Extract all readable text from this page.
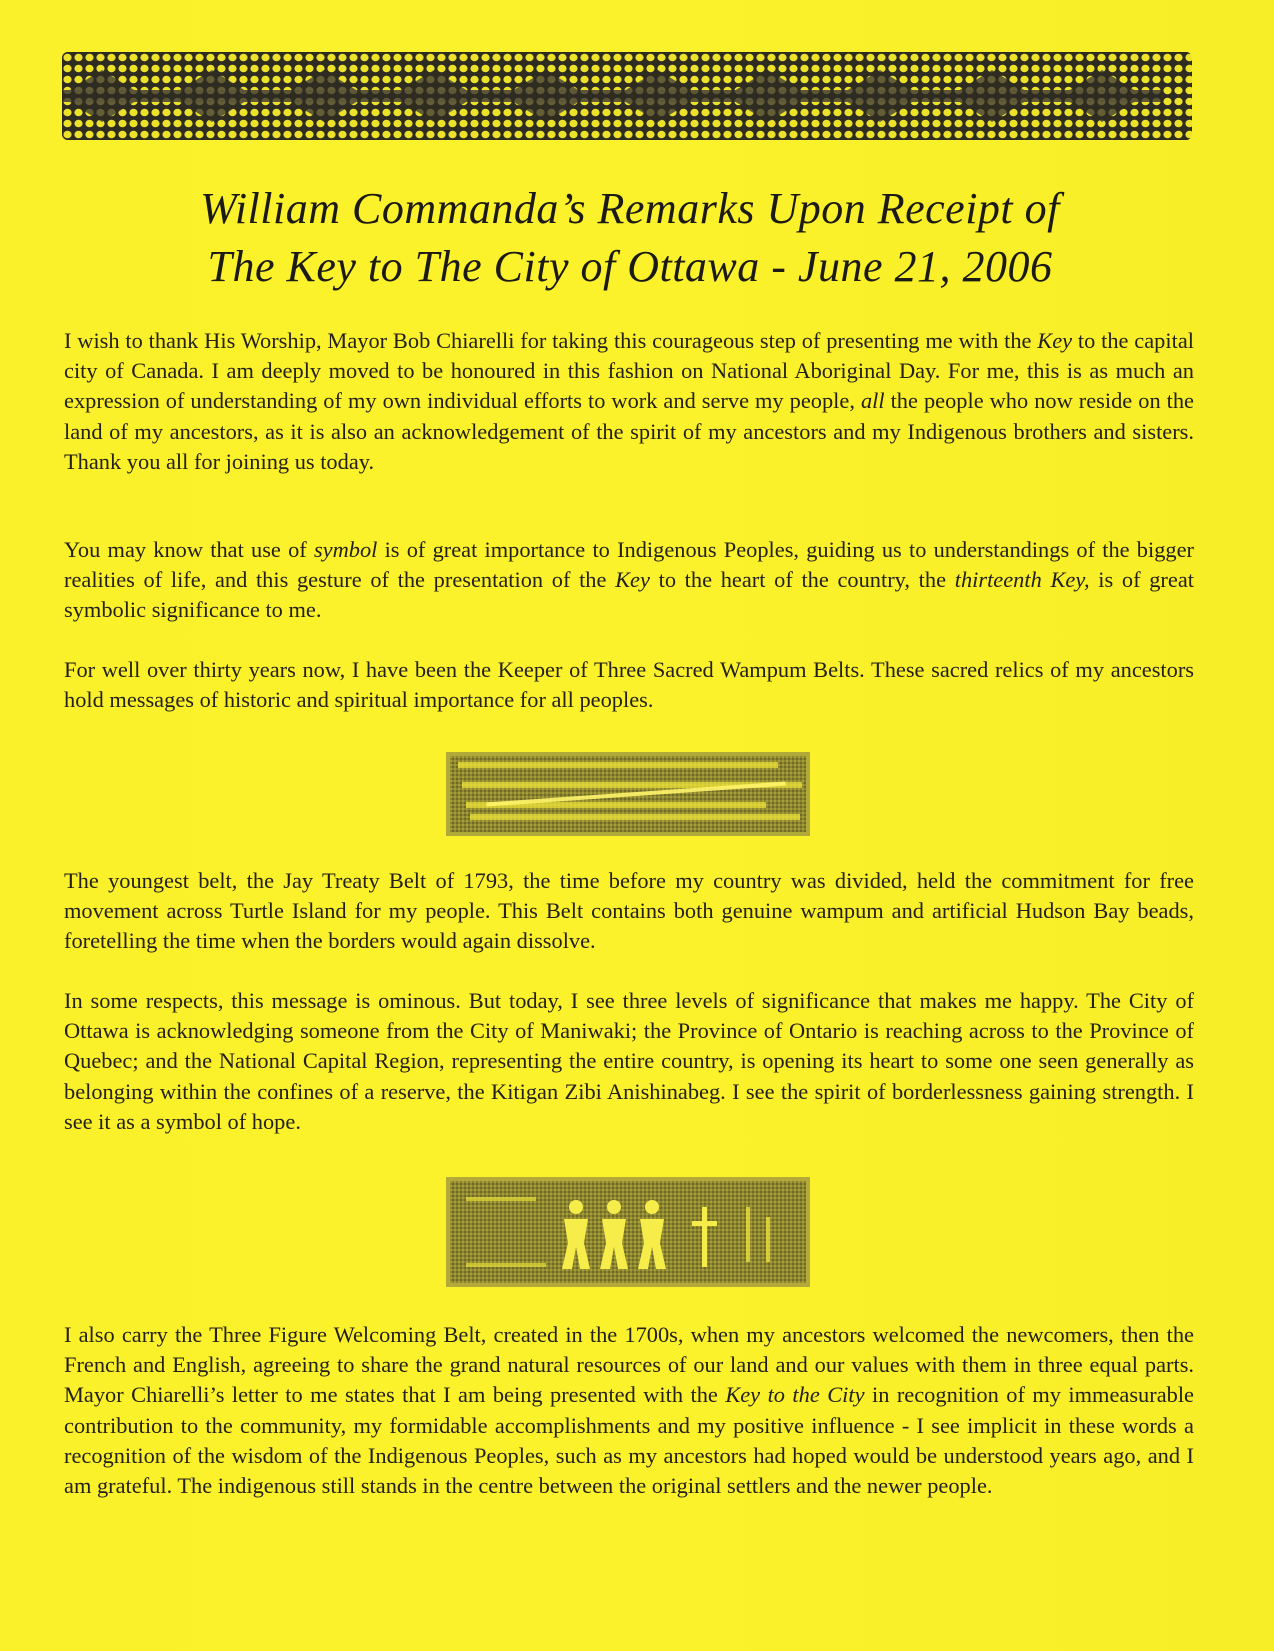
William Commanda’s Remarks Upon Receipt of
The Key to The City of Ottawa - June 21, 2006

I wish to thank His Worship, Mayor Bob Chiarelli for taking this courageous step of presenting me with the Key to the capital city of Canada. I am deeply moved to be honoured in this fashion on National Aboriginal Day. For me, this is as much an expression of understanding of my own individual efforts to work and serve my people, all the people who now reside on the land of my ancestors, as it is also an acknowledgement of the spirit of my ancestors and my Indigenous brothers and sisters. Thank you all for joining us today.

You may know that use of symbol is of great importance to Indigenous Peoples, guiding us to understandings of the bigger realities of life, and this gesture of the presentation of the Key to the heart of the country, the thirteenth Key, is of great symbolic significance to me.

For well over thirty years now, I have been the Keeper of Three Sacred Wampum Belts. These sacred relics of my ancestors hold messages of historic and spiritual importance for all peoples.

The youngest belt, the Jay Treaty Belt of 1793, the time before my country was divided, held the commitment for free movement across Turtle Island for my people. This Belt contains both genuine wampum and artificial Hudson Bay beads, foretelling the time when the borders would again dissolve.

In some respects, this message is ominous. But today, I see three levels of significance that makes me happy. The City of Ottawa is acknowledging someone from the City of Maniwaki; the Province of Ontario is reaching across to the Province of Quebec; and the National Capital Region, representing the entire country, is opening its heart to some one seen generally as belonging within the confines of a reserve, the Kitigan Zibi Anishinabeg. I see the spirit of borderlessness gaining strength. I see it as a symbol of hope.

I also carry the Three Figure Welcoming Belt, created in the 1700s, when my ancestors welcomed the newcomers, then the French and English, agreeing to share the grand natural resources of our land and our values with them in three equal parts. Mayor Chiarelli’s letter to me states that I am being presented with the Key to the City in recognition of my immeasurable contribution to the community, my formidable accomplishments and my positive influence - I see implicit in these words a recognition of the wisdom of the Indigenous Peoples, such as my ancestors had hoped would be understood years ago, and I am grateful. The indigenous still stands in the centre between the original settlers and the newer people.
